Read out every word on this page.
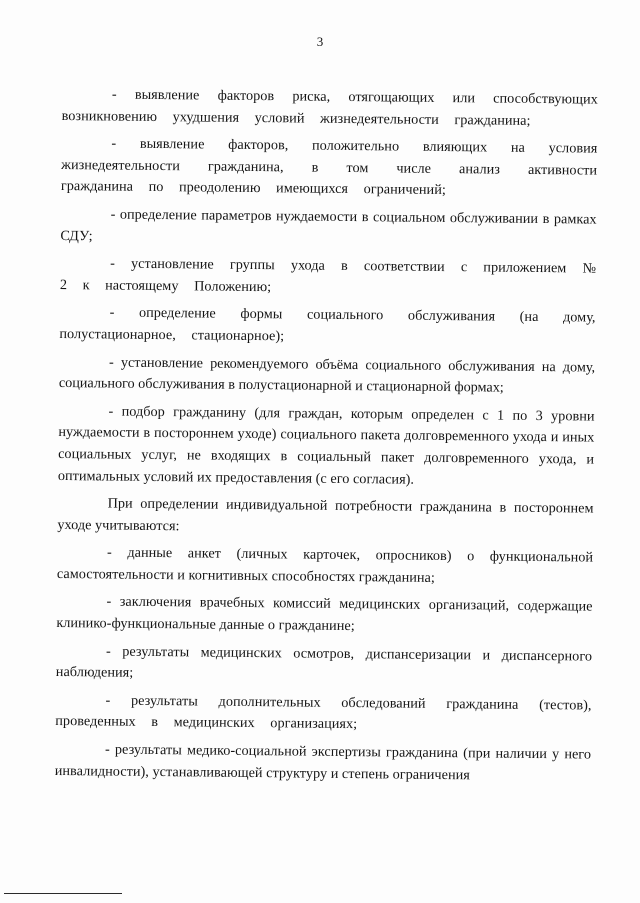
3

- выявление факторов риска, отягощающих или способствующих возникновению ухудшения условий жизнедеятельности гражданина;

- выявление факторов, положительно влияющих на условия жизнедеятельности гражданина, в том числе анализ активности гражданина по преодолению имеющихся ограничений;

- определение параметров нуждаемости в социальном обслуживании в рамках СДУ;

- установление группы ухода в соответствии с приложением № 2 к настоящему Положению;

- определение формы социального обслуживания (на дому, полустационарное, стационарное);

- установление рекомендуемого объёма социального обслуживания на дому, социального обслуживания в полустационарной и стационарной формах;

- подбор гражданину (для граждан, которым определен с 1 по 3 уровни нуждаемости в постороннем уходе) социального пакета долговременного ухода и иных социальных услуг, не входящих в социальный пакет долговременного ухода, и оптимальных условий их предоставления (с его согласия).

При определении индивидуальной потребности гражданина в постороннем уходе учитываются:

- данные анкет (личных карточек, опросников) о функциональной самостоятельности и когнитивных способностях гражданина;

- заключения врачебных комиссий медицинских организаций, содержащие клинико-функциональные данные о гражданине;

- результаты медицинских осмотров, диспансеризации и диспансерного наблюдения;

- результаты дополнительных обследований гражданина (тестов), проведенных в медицинских организациях;

- результаты медико-социальной экспертизы гражданина (при наличии у него инвалидности), устанавливающей структуру и степень ограничения
